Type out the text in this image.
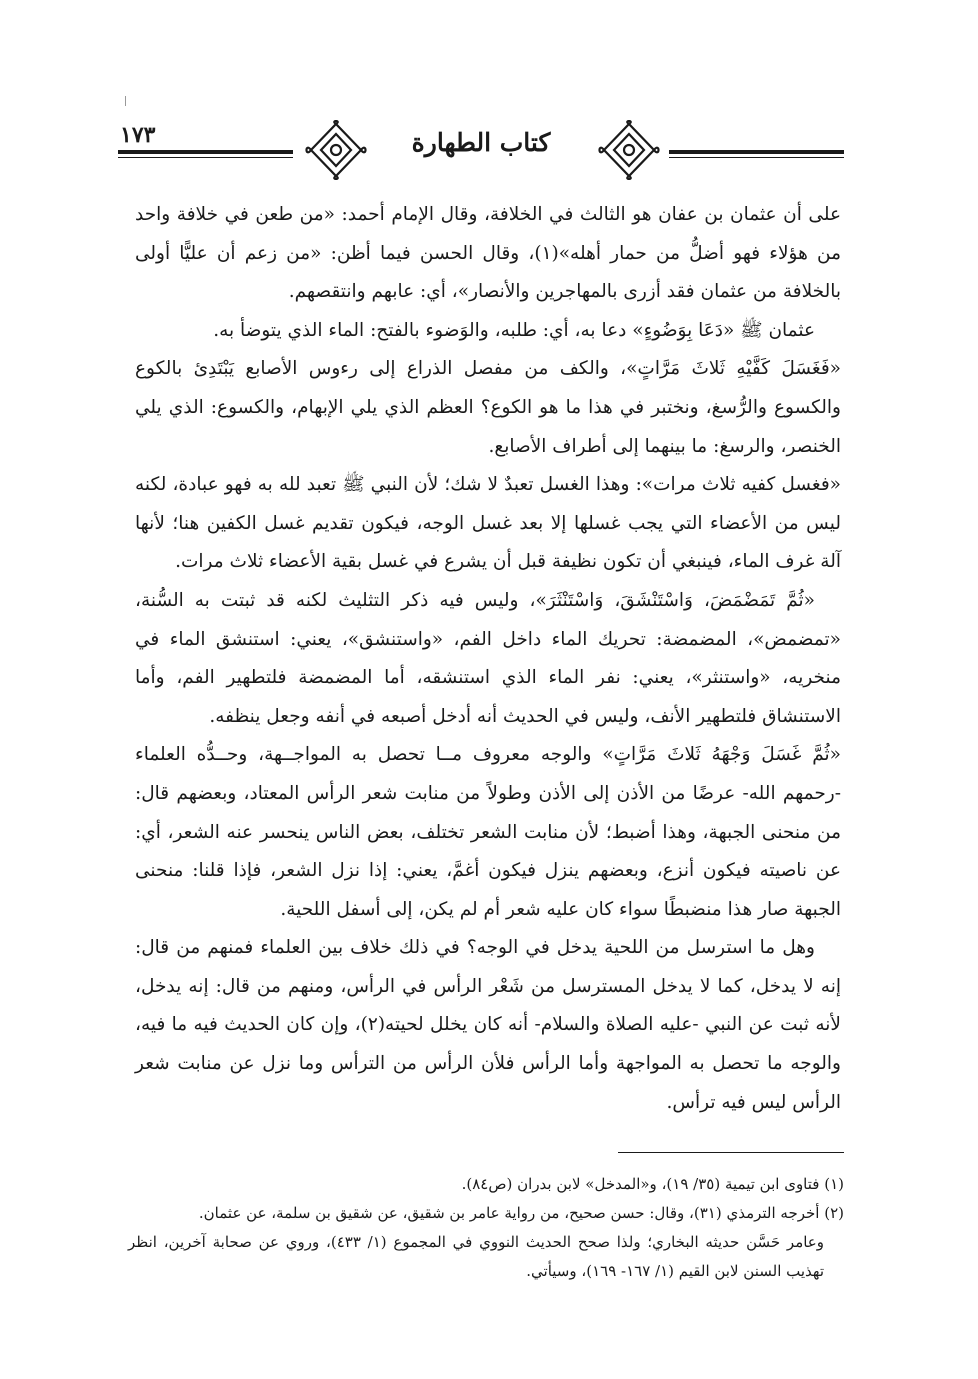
١٧٣	كتاب الطهارة

على أن عثمان بن عفان هو الثالث في الخلافة، وقال الإمام أحمد: «من طعن في خلافة واحد من هؤلاء فهو أضلُّ من حمار أهله»(١)، وقال الحسن فيما أظن: «من زعم أن عليًّا أولى بالخلافة من عثمان فقد أزرى بالمهاجرين والأنصار»، أي: عابهم وانتقصهم.

عثمان ﷺ «دَعَا بِوَضُوءٍ» دعا به، أي: طلبه، والوَضوء بالفتح: الماء الذي يتوضأ به.

«فَغَسَلَ كَفَّيْهِ ثَلاثَ مَرَّاتٍ»، والكف من مفصل الذراع إلى رءوس الأصابع يَبْتَدِئ بالكوع والكسوع والرُّسغ، ونختبر في هذا ما هو الكوع؟ العظم الذي يلي الإبهام، والكسوع: الذي يلي الخنصر، والرسغ: ما بينهما إلى أطراف الأصابع.

«فغسل كفيه ثلاث مرات»: وهذا الغسل تعبدٌ لا شك؛ لأن النبي ﷺ تعبد لله به فهو عبادة، لكنه ليس من الأعضاء التي يجب غسلها إلا بعد غسل الوجه، فيكون تقديم غسل الكفين هنا؛ لأنها آلة غرف الماء، فينبغي أن تكون نظيفة قبل أن يشرع في غسل بقية الأعضاء ثلاث مرات.

«ثُمَّ تَمَضْمَضَ، وَاسْتَنْشَقَ، وَاسْتَنْثَرَ»، وليس فيه ذكر التثليث لكنه قد ثبتت به السُّنة، «تمضمض»، المضمضة: تحريك الماء داخل الفم، «واستنشق»، يعني: استنشق الماء في منخريه، «واستنثر»، يعني: نفر الماء الذي استنشقه، أما المضمضة فلتطهير الفم، وأما الاستنشاق فلتطهير الأنف، وليس في الحديث أنه أدخل أصبعه في أنفه وجعل ينظفه.

«ثُمَّ غَسَلَ وَجْهَهُ ثَلاثَ مَرَّاتٍ» والوجه معروف مــا تحصل به المواجــهة، وحــدُّه العلماء -رحمهم الله- عرضًا من الأذن إلى الأذن وطولاً من منابت شعر الرأس المعتاد، وبعضهم قال: من منحنى الجبهة، وهذا أضبط؛ لأن منابت الشعر تختلف، بعض الناس ينحسر عنه الشعر، أي: عن ناصيته فيكون أنزع، وبعضهم ينزل فيكون أغمَّ، يعني: إذا نزل الشعر، فإذا قلنا: منحنى الجبهة صار هذا منضبطًا سواء كان عليه شعر أم لم يكن، إلى أسفل اللحية.

وهل ما استرسل من اللحية يدخل في الوجه؟ في ذلك خلاف بين العلماء فمنهم من قال: إنه لا يدخل، كما لا يدخل المسترسل من شَعْر الرأس في الرأس، ومنهم من قال: إنه يدخل، لأنه ثبت عن النبي -عليه الصلاة والسلام- أنه كان يخلل لحيته(٢)، وإن كان الحديث فيه ما فيه، والوجه ما تحصل به المواجهة وأما الرأس فلأن الرأس من الترأس وما نزل عن منابت شعر الرأس ليس فيه ترأس.

(١) فتاوى ابن تيمية (٣٥/ ١٩)، و«المدخل» لابن بدران (ص٨٤).

(٢) أخرجه الترمذي (٣١)، وقال: حسن صحيح، من رواية عامر بن شقيق، عن شقيق بن سلمة، عن عثمان.

وعامر حَسَّن حديثه البخاري؛ ولذا صحح الحديث النووي في المجموع (١/ ٤٣٣)، وروي عن صحابة آخرين، انظر تهذيب السنن لابن القيم (١/ ١٦٧- ١٦٩)، وسيأتي.
